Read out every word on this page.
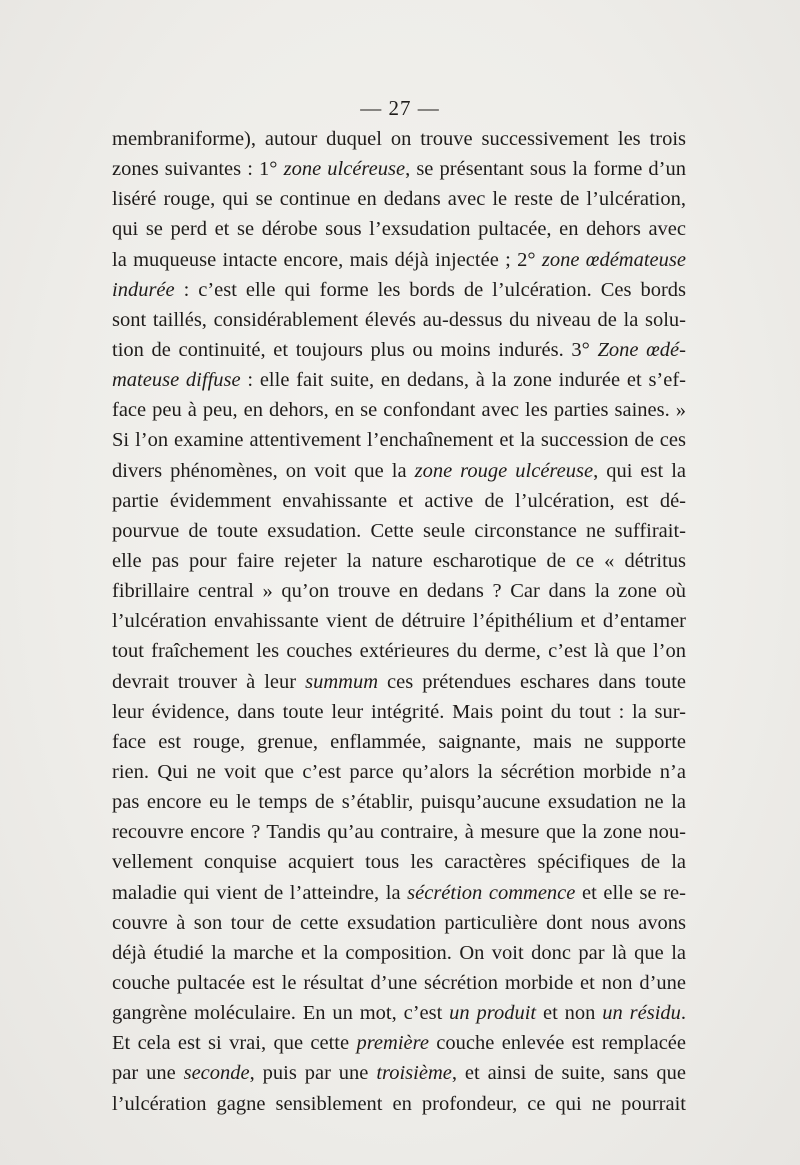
— 27 —
membraniforme), autour duquel on trouve successivement les trois
zones suivantes : 1° zone ulcéreuse, se présentant sous la forme d’un
liséré rouge, qui se continue en dedans avec le reste de l’ulcération,
qui se perd et se dérobe sous l’exsudation pultacée, en dehors avec
la muqueuse intacte encore, mais déjà injectée ; 2° zone œdémateuse
indurée : c’est elle qui forme les bords de l’ulcération. Ces bords
sont taillés, considérablement élevés au-dessus du niveau de la solu-
tion de continuité, et toujours plus ou moins indurés. 3° Zone œdé-
mateuse diffuse : elle fait suite, en dedans, à la zone indurée et s’ef-
face peu à peu, en dehors, en se confondant avec les parties saines. »
Si l’on examine attentivement l’enchaînement et la succession de ces
divers phénomènes, on voit que la zone rouge ulcéreuse, qui est la
partie évidemment envahissante et active de l’ulcération, est dé-
pourvue de toute exsudation. Cette seule circonstance ne suffirait-
elle pas pour faire rejeter la nature escharotique de ce « détritus
fibrillaire central » qu’on trouve en dedans ? Car dans la zone où
l’ulcération envahissante vient de détruire l’épithélium et d’entamer
tout fraîchement les couches extérieures du derme, c’est là que l’on
devrait trouver à leur summum ces prétendues eschares dans toute
leur évidence, dans toute leur intégrité. Mais point du tout : la sur-
face est rouge, grenue, enflammée, saignante, mais ne supporte
rien. Qui ne voit que c’est parce qu’alors la sécrétion morbide n’a
pas encore eu le temps de s’établir, puisqu’aucune exsudation ne la
recouvre encore ? Tandis qu’au contraire, à mesure que la zone nou-
vellement conquise acquiert tous les caractères spécifiques de la
maladie qui vient de l’atteindre, la sécrétion commence et elle se re-
couvre à son tour de cette exsudation particulière dont nous avons
déjà étudié la marche et la composition. On voit donc par là que la
couche pultacée est le résultat d’une sécrétion morbide et non d’une
gangrène moléculaire. En un mot, c’est un produit et non un résidu.
Et cela est si vrai, que cette première couche enlevée est remplacée
par une seconde, puis par une troisième, et ainsi de suite, sans que
l’ulcération gagne sensiblement en profondeur, ce qui ne pourrait
